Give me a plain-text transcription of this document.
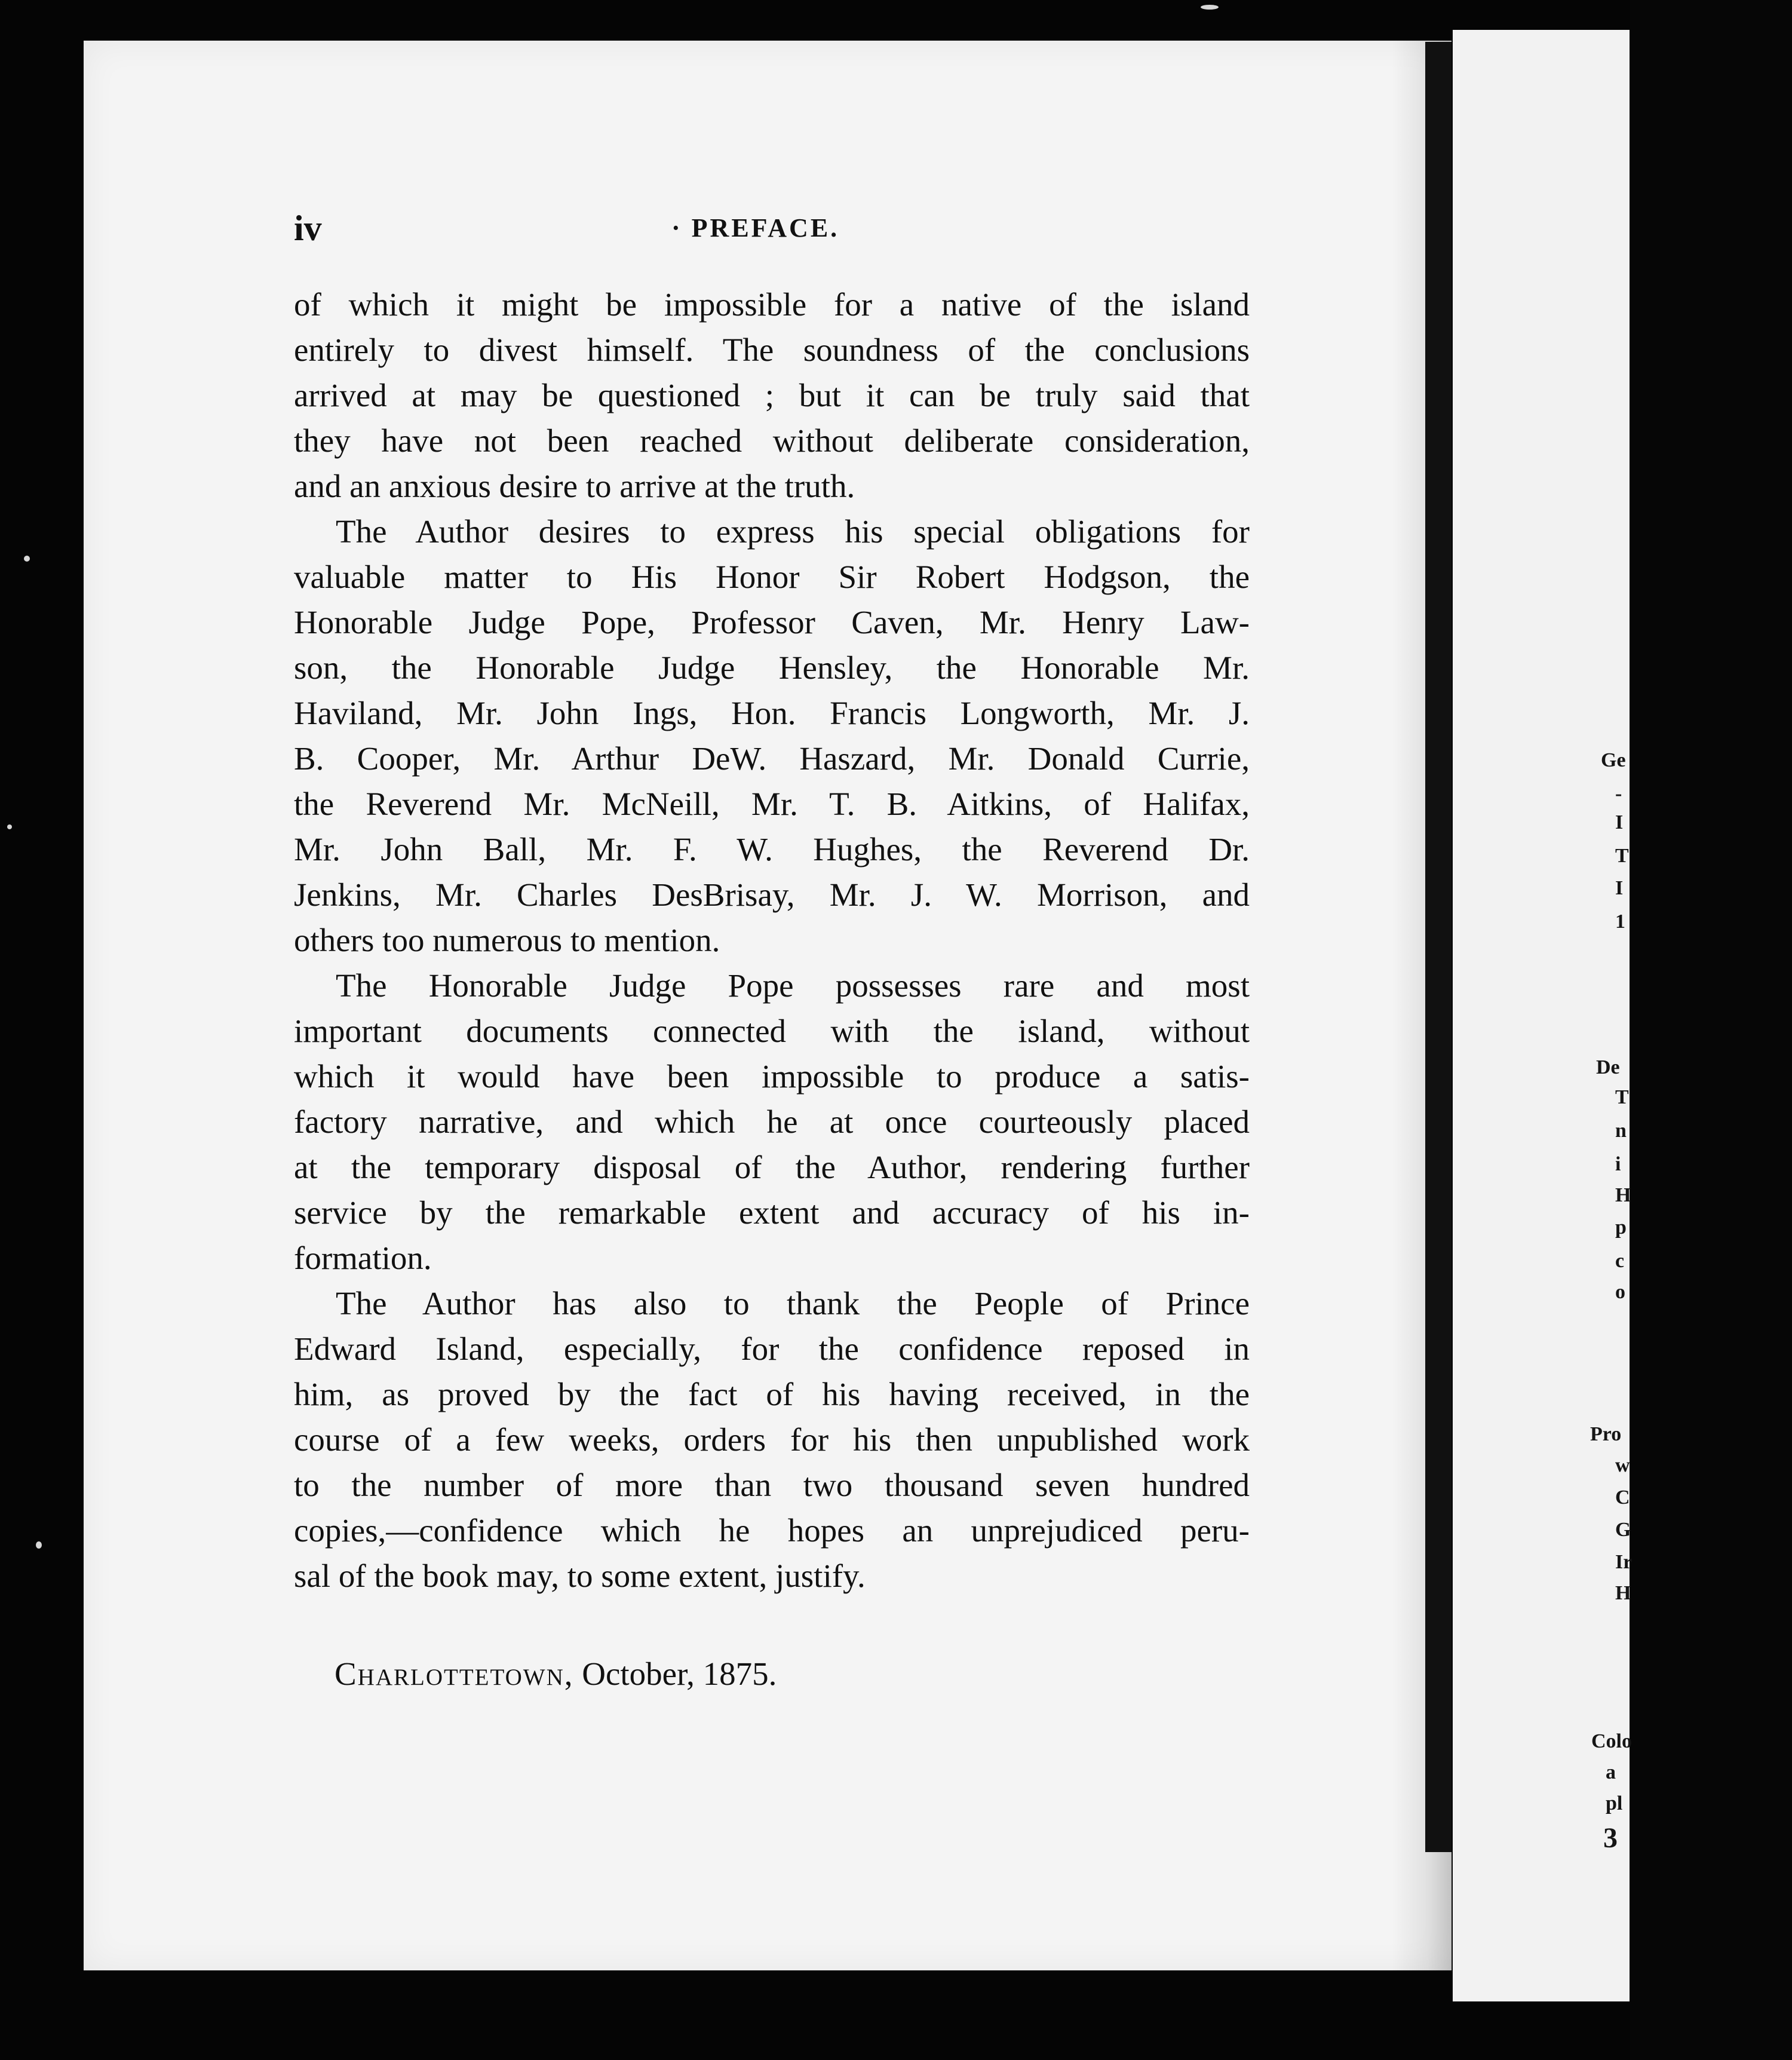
Ge
-
I
T
I
1
De
T
n
i
H
p
c
o
Pro
w
C
G
Ir
H
Colo
a
pl
3
iv	· PREFACE.
of which it might be impossible for a native of the island
entirely to divest himself. The soundness of the conclusions
arrived at may be questioned ; but it can be truly said that
they have not been reached without deliberate consideration,
and an anxious desire to arrive at the truth.
The Author desires to express his special obligations for
valuable matter to His Honor Sir Robert Hodgson, the
Honorable Judge Pope, Professor Caven, Mr. Henry Law-
son, the Honorable Judge Hensley, the Honorable Mr.
Haviland, Mr. John Ings, Hon. Francis Longworth, Mr. J.
B. Cooper, Mr. Arthur DeW. Haszard, Mr. Donald Currie,
the Reverend Mr. McNeill, Mr. T. B. Aitkins, of Halifax,
Mr. John Ball, Mr. F. W. Hughes, the Reverend Dr.
Jenkins, Mr. Charles DesBrisay, Mr. J. W. Morrison, and
others too numerous to mention.
The Honorable Judge Pope possesses rare and most
important documents connected with the island, without
which it would have been impossible to produce a satis-
factory narrative, and which he at once courteously placed
at the temporary disposal of the Author, rendering further
service by the remarkable extent and accuracy of his in-
formation.
The Author has also to thank the People of Prince
Edward Island, especially, for the confidence reposed in
him, as proved by the fact of his having received, in the
course of a few weeks, orders for his then unpublished work
to the number of more than two thousand seven hundred
copies,—confidence which he hopes an unprejudiced peru-
sal of the book may, to some extent, justify.
Charlottetown, October, 1875.
